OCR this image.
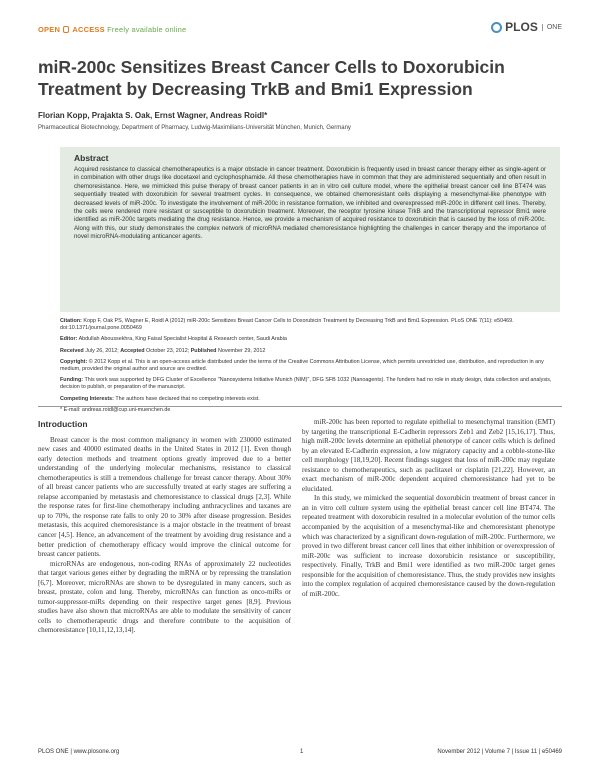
OPEN ACCESS Freely available online	PLOS	ONE
miR-200c Sensitizes Breast Cancer Cells to Doxorubicin Treatment by Decreasing TrkB and Bmi1 Expression
Florian Kopp, Prajakta S. Oak, Ernst Wagner, Andreas Roidl*
Pharmaceutical Biotechnology, Department of Pharmacy, Ludwig-Maximilians-Universität München, Munich, Germany
Abstract

Acquired resistance to classical chemotherapeutics is a major obstacle in cancer treatment. Doxorubicin is frequently used in breast cancer therapy either as single-agent or in combination with other drugs like docetaxel and cyclophosphamide. All these chemotherapies have in common that they are administered sequentially and often result in chemoresistance. Here, we mimicked this pulse therapy of breast cancer patients in an in vitro cell culture model, where the epithelial breast cancer cell line BT474 was sequentially treated with doxorubicin for several treatment cycles. In consequence, we obtained chemoresistant cells displaying a mesenchymal-like phenotype with decreased levels of miR-200c. To investigate the involvement of miR-200c in resistance formation, we inhibited and overexpressed miR-200c in different cell lines. Thereby, the cells were rendered more resistant or susceptible to doxorubicin treatment. Moreover, the receptor tyrosine kinase TrkB and the transcriptional repressor Bmi1 were identified as miR-200c targets mediating the drug resistance. Hence, we provide a mechanism of acquired resistance to doxorubicin that is caused by the loss of miR-200c. Along with this, our study demonstrates the complex network of microRNA mediated chemoresistance highlighting the challenges in cancer therapy and the importance of novel microRNA-modulating anticancer agents.

Citation: Kopp F, Oak PS, Wagner E, Roidl A (2012) miR-200c Sensitizes Breast Cancer Cells to Doxorubicin Treatment by Decreasing TrkB and Bmi1 Expression. PLoS ONE 7(11): e50469. doi:10.1371/journal.pone.0050469

Editor: Abdullah Aboussekhra, King Faisal Specialist Hospital & Research center, Saudi Arabia

Received July 26, 2012; Accepted October 23, 2012; Published November 29, 2012

Copyright: © 2012 Kopp et al. This is an open-access article distributed under the terms of the Creative Commons Attribution License, which permits unrestricted use, distribution, and reproduction in any medium, provided the original author and source are credited.

Funding: This work was supported by DFG Cluster of Excellence "Nanosystems Initiative Munich (NIM)", DFG SFB 1032 (Nanoagents). The funders had no role in study design, data collection and analysis, decision to publish, or preparation of the manuscript.

Competing Interests: The authors have declared that no competing interests exist.

* E-mail: andreas.roidl@cup.uni-muenchen.de

Introduction

Breast cancer is the most common malignancy in women with 230000 estimated new cases and 40000 estimated deaths in the United States in 2012 [1]. Even though early detection methods and treatment options greatly improved due to a better understanding of the underlying molecular mechanisms, resistance to classical chemotherapeutics is still a tremendous challenge for breast cancer therapy. About 30% of all breast cancer patients who are successfully treated at early stages are suffering a relapse accompanied by metastasis and chemoresistance to classical drugs [2,3]. While the response rates for first-line chemotherapy including anthracyclines and taxanes are up to 70%, the response rate falls to only 20 to 30% after disease progression. Besides metastasis, this acquired chemoresistance is a major obstacle in the treatment of breast cancer [4,5]. Hence, an advancement of the treatment by avoiding drug resistance and a better prediction of chemotherapy efficacy would improve the clinical outcome for breast cancer patients.

microRNAs are endogenous, non-coding RNAs of approximately 22 nucleotides that target various genes either by degrading the mRNA or by repressing the translation [6,7]. Moreover, microRNAs are shown to be dysregulated in many cancers, such as breast, prostate, colon and lung. Thereby, microRNAs can function as onco-miRs or tumor-suppressor-miRs depending on their respective target genes [8,9]. Previous studies have also shown that microRNAs are able to modulate the sensitivity of cancer cells to chemotherapeutic drugs and therefore contribute to the acquisition of chemoresistance [10,11,12,13,14].

miR-200c has been reported to regulate epithelial to mesenchymal transition (EMT) by targeting the transcriptional E-Cadherin repressors Zeb1 and Zeb2 [15,16,17]. Thus, high miR-200c levels determine an epithelial phenotype of cancer cells which is defined by an elevated E-Cadherin expression, a low migratory capacity and a cobble-stone-like cell morphology [18,19,20]. Recent findings suggest that loss of miR-200c may regulate resistance to chemotherapeutics, such as paclitaxel or cisplatin [21,22]. However, an exact mechanism of miR-200c dependent acquired chemoresistance had yet to be elucidated.

In this study, we mimicked the sequential doxorubicin treatment of breast cancer in an in vitro cell culture system using the epithelial breast cancer cell line BT474. The repeated treatment with doxorubicin resulted in a molecular evolution of the tumor cells accompanied by the acquisition of a mesenchymal-like and chemoresistant phenotype which was characterized by a significant down-regulation of miR-200c. Furthermore, we proved in two different breast cancer cell lines that either inhibition or overexpression of miR-200c was sufficient to increase doxorubicin resistance or susceptibility, respectively. Finally, TrkB and Bmi1 were identified as two miR-200c target genes responsible for the acquisition of chemoresistance. Thus, the study provides new insights into the complex regulation of acquired chemoresistance caused by the down-regulation of miR-200c.

PLOS ONE | www.plosone.org	1	November 2012 | Volume 7 | Issue 11 | e50469
